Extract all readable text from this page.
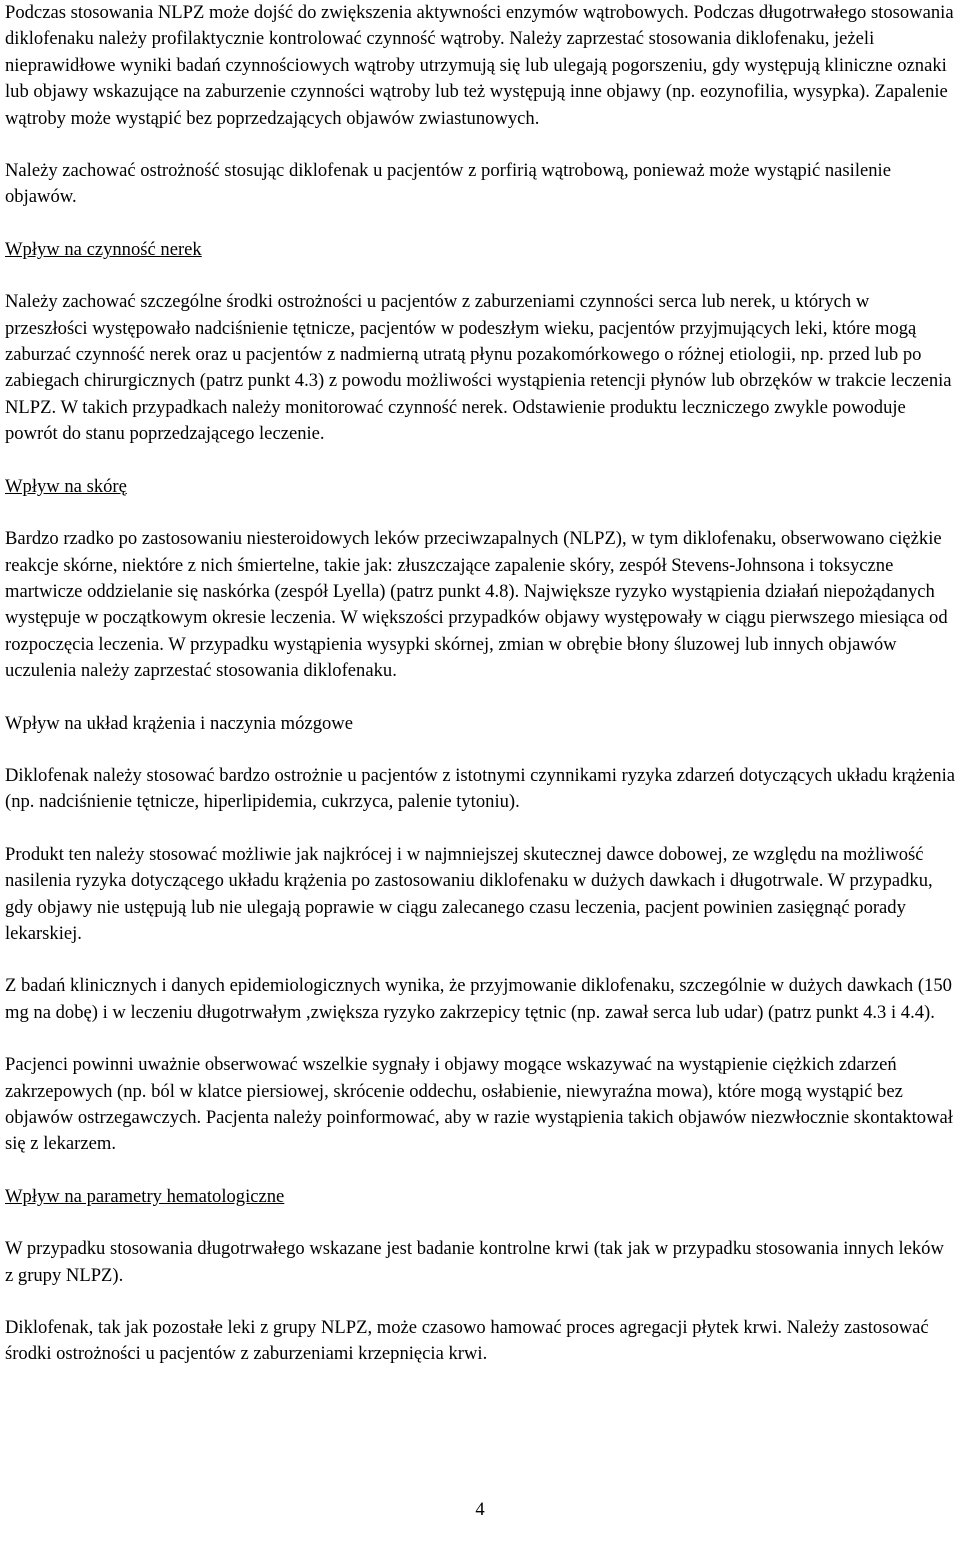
Podczas stosowania NLPZ może dojść do zwiększenia aktywności enzymów wątrobowych. Podczas długotrwałego stosowania diklofenaku należy profilaktycznie kontrolować czynność wątroby. Należy zaprzestać stosowania diklofenaku, jeżeli nieprawidłowe wyniki badań czynnościowych wątroby utrzymują się lub ulegają pogorszeniu, gdy występują kliniczne oznaki lub objawy wskazujące na zaburzenie czynności wątroby lub też występują inne objawy (np. eozynofilia, wysypka). Zapalenie wątroby może wystąpić bez poprzedzających objawów zwiastunowych.

Należy zachować ostrożność stosując diklofenak u pacjentów z porfirią wątrobową, ponieważ może wystąpić nasilenie objawów.

Wpływ na czynność nerek

Należy zachować szczególne środki ostrożności u pacjentów z zaburzeniami czynności serca lub nerek, u których w przeszłości występowało nadciśnienie tętnicze, pacjentów w podeszłym wieku, pacjentów przyjmujących leki, które mogą zaburzać czynność nerek oraz u pacjentów z nadmierną utratą płynu pozakomórkowego o różnej etiologii, np. przed lub po zabiegach chirurgicznych (patrz punkt 4.3) z powodu możliwości wystąpienia retencji płynów lub obrzęków w trakcie leczenia NLPZ. W takich przypadkach należy monitorować czynność nerek. Odstawienie produktu leczniczego zwykle powoduje powrót do stanu poprzedzającego leczenie.

Wpływ na skórę

Bardzo rzadko po zastosowaniu niesteroidowych leków przeciwzapalnych (NLPZ), w tym diklofenaku, obserwowano ciężkie reakcje skórne, niektóre z nich śmiertelne, takie jak: złuszczające zapalenie skóry, zespół Stevens-Johnsona i toksyczne martwicze oddzielanie się naskórka (zespół Lyella) (patrz punkt 4.8). Największe ryzyko wystąpienia działań niepożądanych występuje w początkowym okresie leczenia. W większości przypadków objawy występowały w ciągu pierwszego miesiąca od rozpoczęcia leczenia. W przypadku wystąpienia wysypki skórnej, zmian w obrębie błony śluzowej lub innych objawów uczulenia należy zaprzestać stosowania diklofenaku.

Wpływ na układ krążenia i naczynia mózgowe

Diklofenak należy stosować bardzo ostrożnie u pacjentów z istotnymi czynnikami ryzyka zdarzeń dotyczących układu krążenia (np. nadciśnienie tętnicze, hiperlipidemia, cukrzyca, palenie tytoniu).

Produkt ten należy stosować możliwie jak najkrócej i w najmniejszej skutecznej dawce dobowej, ze względu na możliwość nasilenia ryzyka dotyczącego układu krążenia po zastosowaniu diklofenaku w dużych dawkach i długotrwale. W przypadku, gdy objawy nie ustępują lub nie ulegają poprawie w ciągu zalecanego czasu leczenia, pacjent powinien zasięgnąć porady lekarskiej.

Z badań klinicznych i danych epidemiologicznych wynika, że przyjmowanie diklofenaku, szczególnie w dużych dawkach (150 mg na dobę) i w leczeniu długotrwałym ,zwiększa ryzyko zakrzepicy tętnic (np. zawał serca lub udar) (patrz punkt 4.3 i 4.4).

Pacjenci powinni uważnie obserwować wszelkie sygnały i objawy mogące wskazywać na wystąpienie ciężkich zdarzeń zakrzepowych (np. ból w klatce piersiowej, skrócenie oddechu, osłabienie, niewyraźna mowa), które mogą wystąpić bez objawów ostrzegawczych. Pacjenta należy poinformować, aby w razie wystąpienia takich objawów niezwłocznie skontaktował się z lekarzem.

Wpływ na parametry hematologiczne

W przypadku stosowania długotrwałego wskazane jest badanie kontrolne krwi (tak jak w przypadku stosowania innych leków z grupy NLPZ).

Diklofenak, tak jak pozostałe leki z grupy NLPZ, może czasowo hamować proces agregacji płytek krwi. Należy zastosować środki ostrożności u pacjentów z zaburzeniami krzepnięcia krwi.

4
